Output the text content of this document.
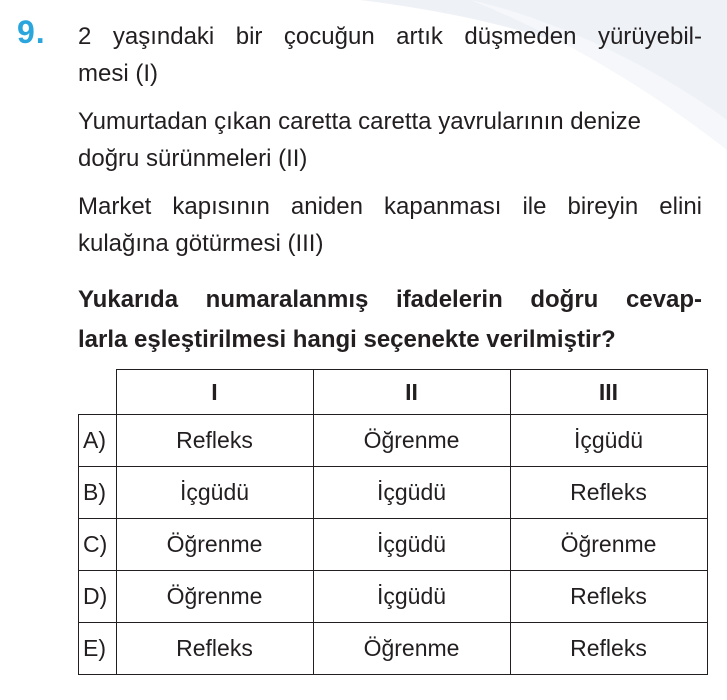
9. 2 yaşındaki bir çocuğun artık düşmeden yürüyebil-
mesi (I)
Yumurtadan çıkan caretta caretta yavrularının denize
doğru sürünmeleri (II)
Market kapısının aniden kapanması ile bireyin elini
kulağına götürmesi (III)
Yukarıda numaralanmış ifadelerin doğru cevap-
larla eşleştirilmesi hangi seçenekte verilmiştir?
	I	II	III
A)	Refleks	Öğrenme	İçgüdü
B)	İçgüdü	İçgüdü	Refleks
C)	Öğrenme	İçgüdü	Öğrenme
D)	Öğrenme	İçgüdü	Refleks
E)	Refleks	Öğrenme	Refleks
